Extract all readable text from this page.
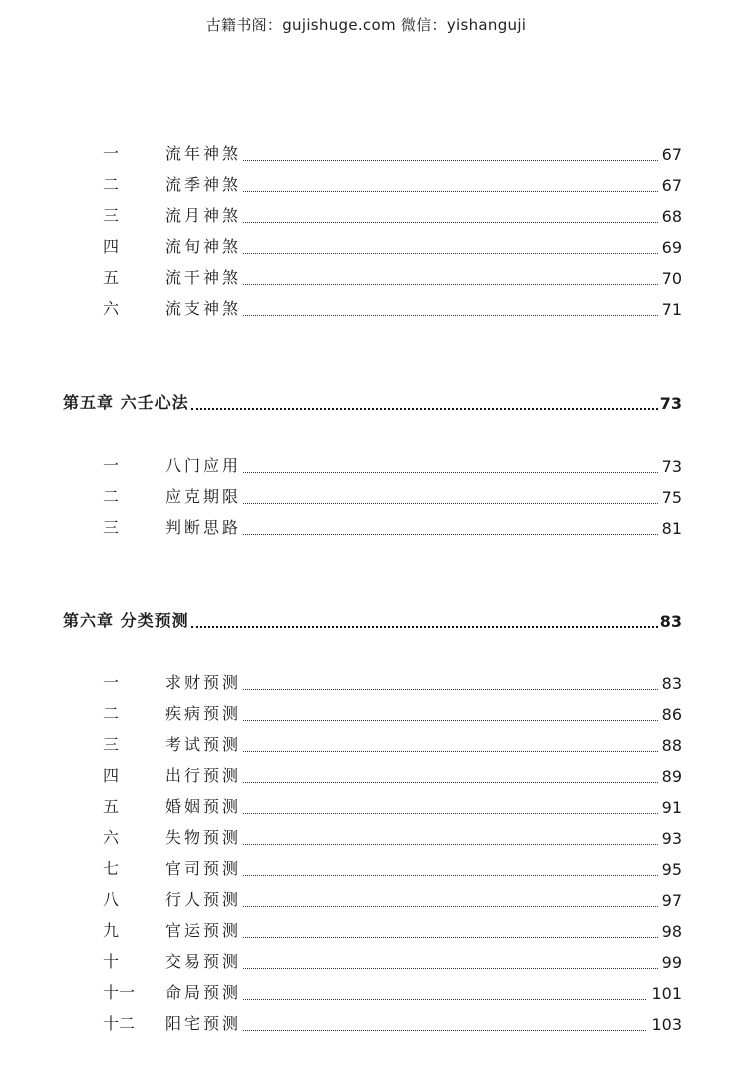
古籍书阁：gujishuge.com 微信：yishanguji
一	流年神煞	67
二	流季神煞	67
三	流月神煞	68
四	流旬神煞	69
五	流干神煞	70
六	流支神煞	71
第五章 六壬心法	73
一	八门应用	73
二	应克期限	75
三	判断思路	81
第六章 分类预测	83
一	求财预测	83
二	疾病预测	86
三	考试预测	88
四	出行预测	89
五	婚姻预测	91
六	失物预测	93
七	官司预测	95
八	行人预测	97
九	官运预测	98
十	交易预测	99
十一	命局预测	101
十二	阳宅预测	103
